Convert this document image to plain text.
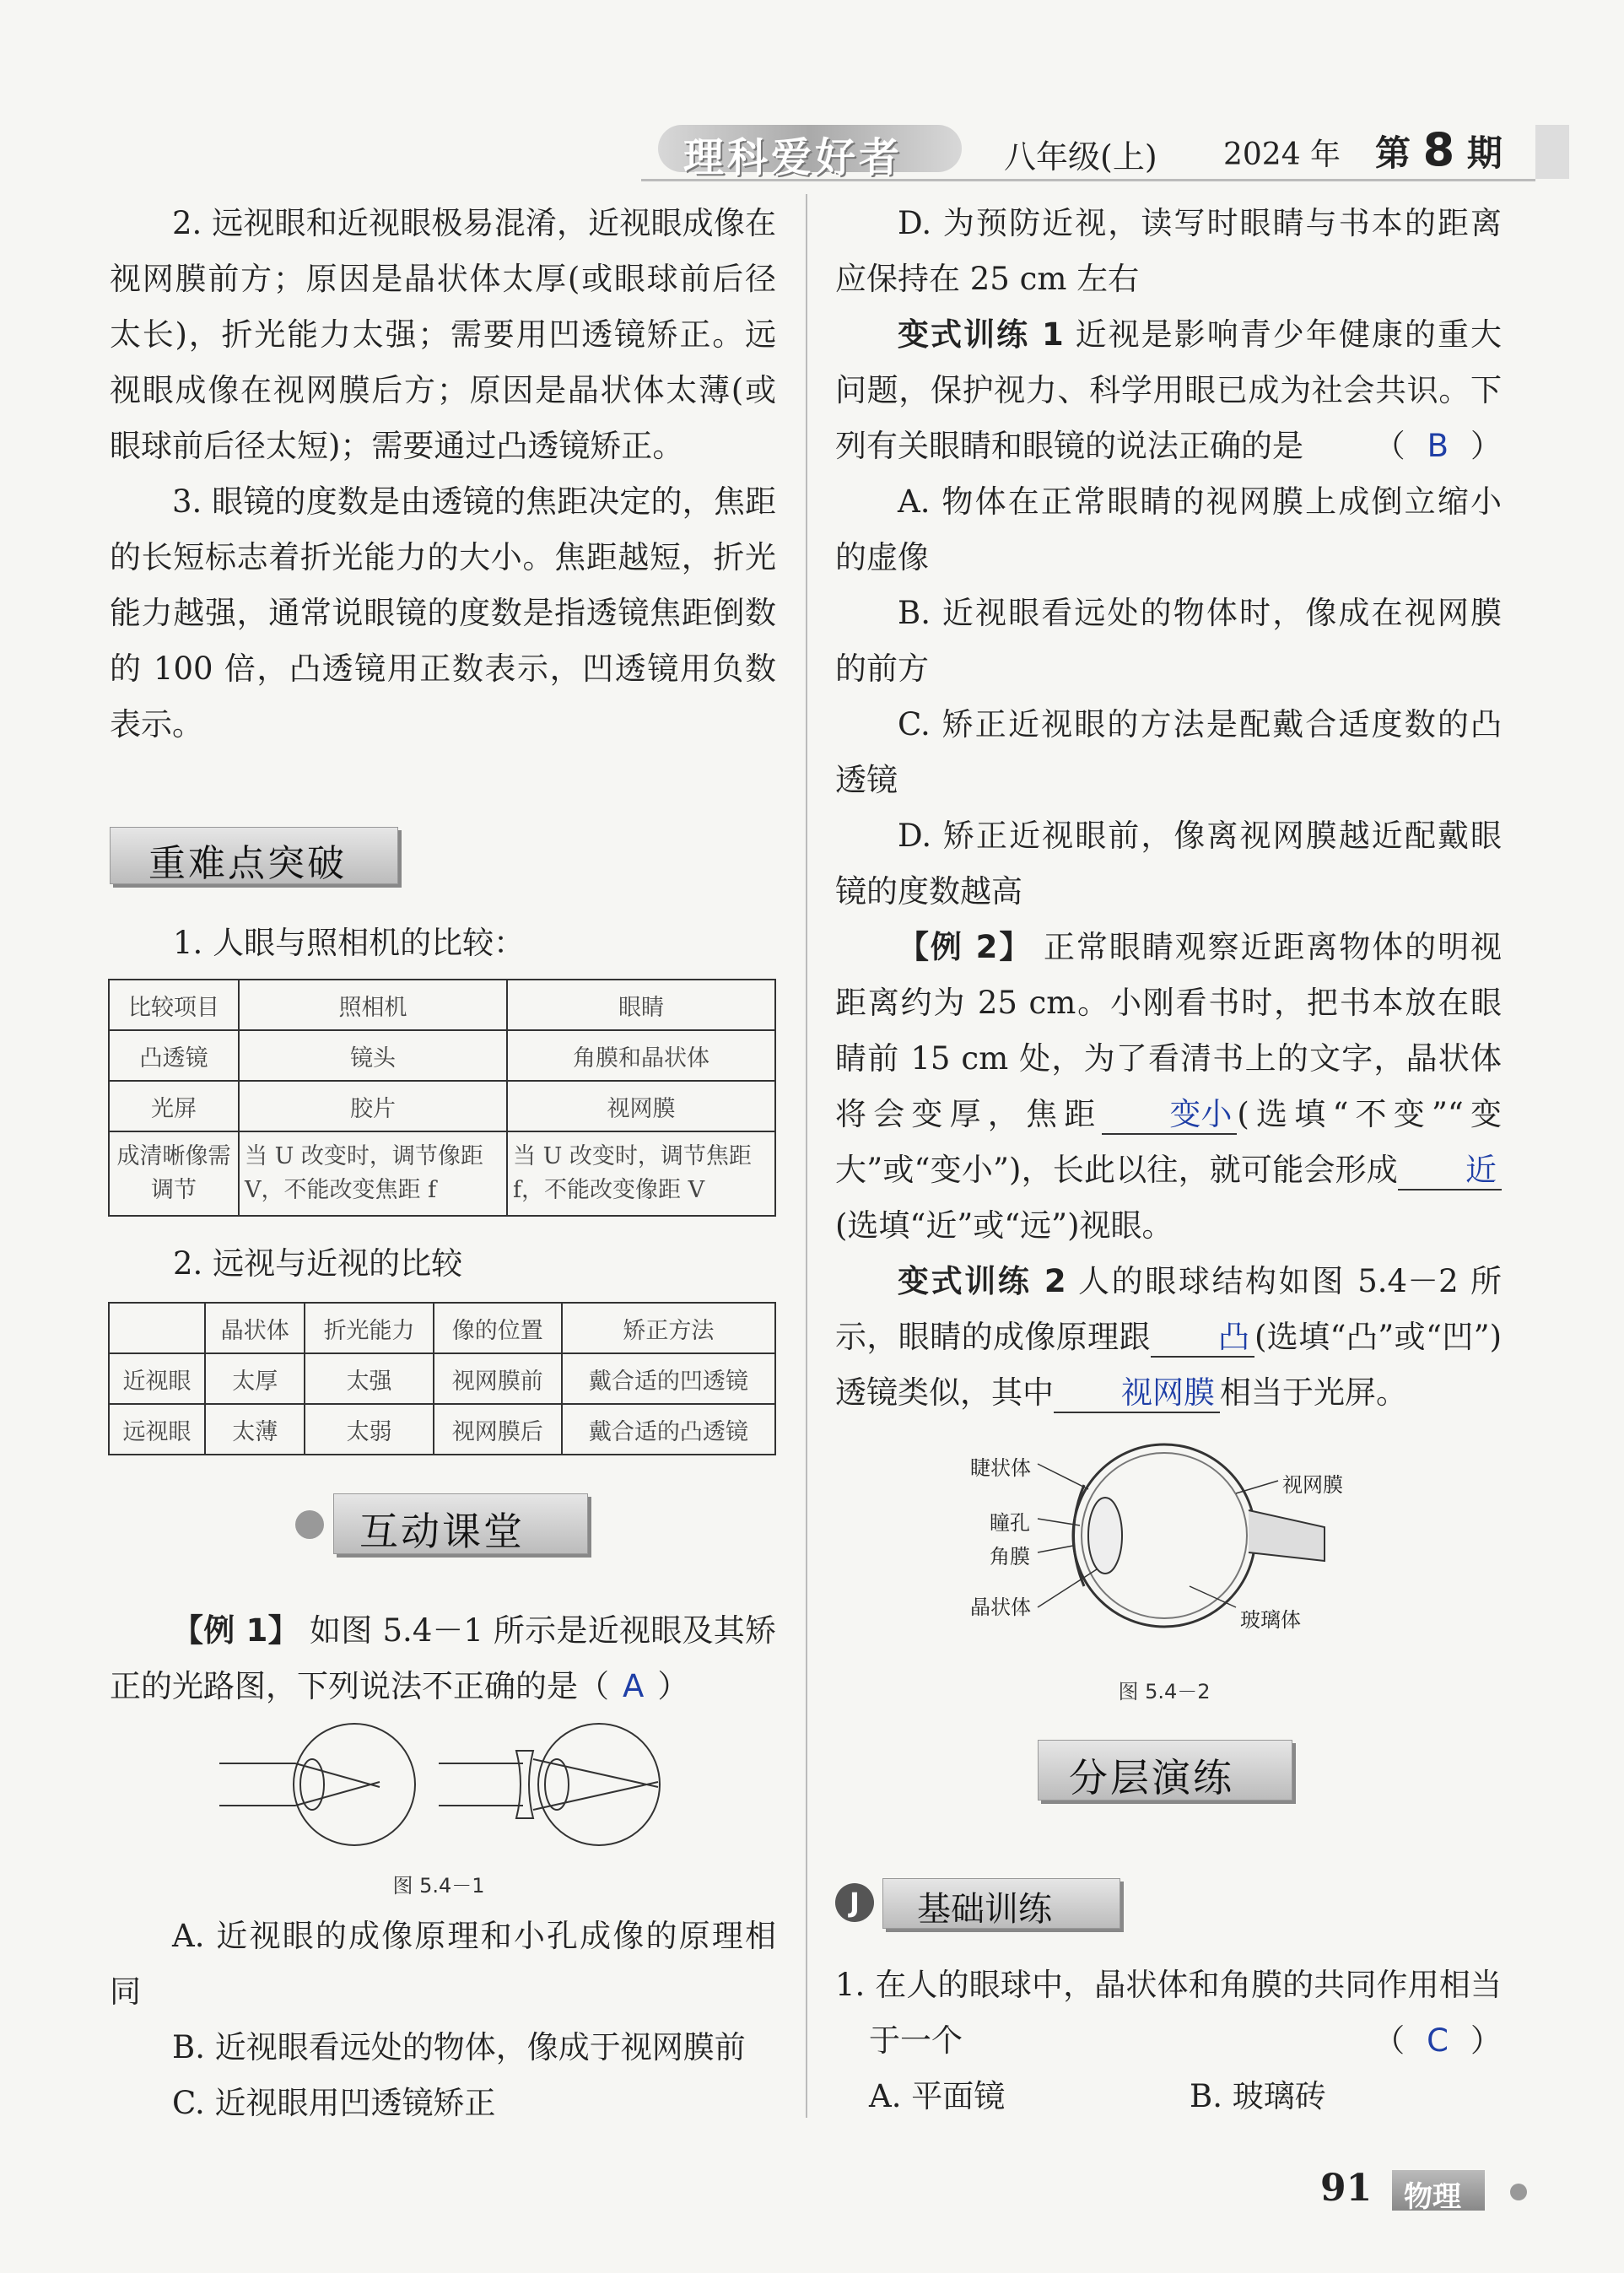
理科爱好者	八年级(上) 2024 年 第 8 期

2. 远视眼和近视眼极易混淆，近视眼成像在视网膜前方；原因是晶状体太厚(或眼球前后径太长)，折光能力太强；需要用凹透镜矫正。远视眼成像在视网膜后方；原因是晶状体太薄(或眼球前后径太短)；需要通过凸透镜矫正。

3. 眼镜的度数是由透镜的焦距决定的，焦距的长短标志着折光能力的大小。焦距越短，折光能力越强，通常说眼镜的度数是指透镜焦距倒数的 100 倍，凸透镜用正数表示，凹透镜用负数表示。

重难点突破

1. 人眼与照相机的比较：

比较项目	照相机	眼睛
凸透镜	镜头	角膜和晶状体
光屏	胶片	视网膜
成清晰像需调节	当 U 改变时，调节像距 V，不能改变焦距 f	当 U 改变时，调节焦距 f，不能改变像距 V

2. 远视与近视的比较

	晶状体	折光能力	像的位置	矫正方法
近视眼	太厚	太强	视网膜前	戴合适的凹透镜
远视眼	太薄	太弱	视网膜后	戴合适的凸透镜
互动课堂

【例 1】 如图 5.4－1 所示是近视眼及其矫正的光路图，下列说法不正确的是（ A ）

图 5.4－1

A. 近视眼的成像原理和小孔成像的原理相同

B. 近视眼看远处的物体，像成于视网膜前

C. 近视眼用凹透镜矫正

D. 为预防近视，读写时眼睛与书本的距离应保持在 25 cm 左右

变式训练 1 近视是影响青少年健康的重大问题，保护视力、科学用眼已成为社会共识。下列有关眼睛和眼镜的说法正确的是	（ B ）

A. 物体在正常眼睛的视网膜上成倒立缩小的虚像

B. 近视眼看远处的物体时，像成在视网膜的前方

C. 矫正近视眼的方法是配戴合适度数的凸透镜

D. 矫正近视眼前，像离视网膜越近配戴眼镜的度数越高

【例 2】 正常眼睛观察近距离物体的明视距离约为 25 cm。小刚看书时，把书本放在眼睛前 15 cm 处，为了看清书上的文字，晶状体将会变厚，焦距 变小 (选填“不变”“变大”或“变小”)，长此以往，就可能会形成 近(选填“近”或“远”)视眼。

变式训练 2 人的眼球结构如图 5.4－2 所示，眼睛的成像原理跟 凸 (选填“凸”或“凹”)透镜类似，其中 视网膜 相当于光屏。

睫状体
瞳孔
角膜
晶状体
视网膜
玻璃体
图 5.4－2
分层演练
J	基础训练

1. 在人的眼球中，晶状体和角膜的共同作用相当于一个	（ C ）

A. 平面镜	B. 玻璃砖

91 物理
